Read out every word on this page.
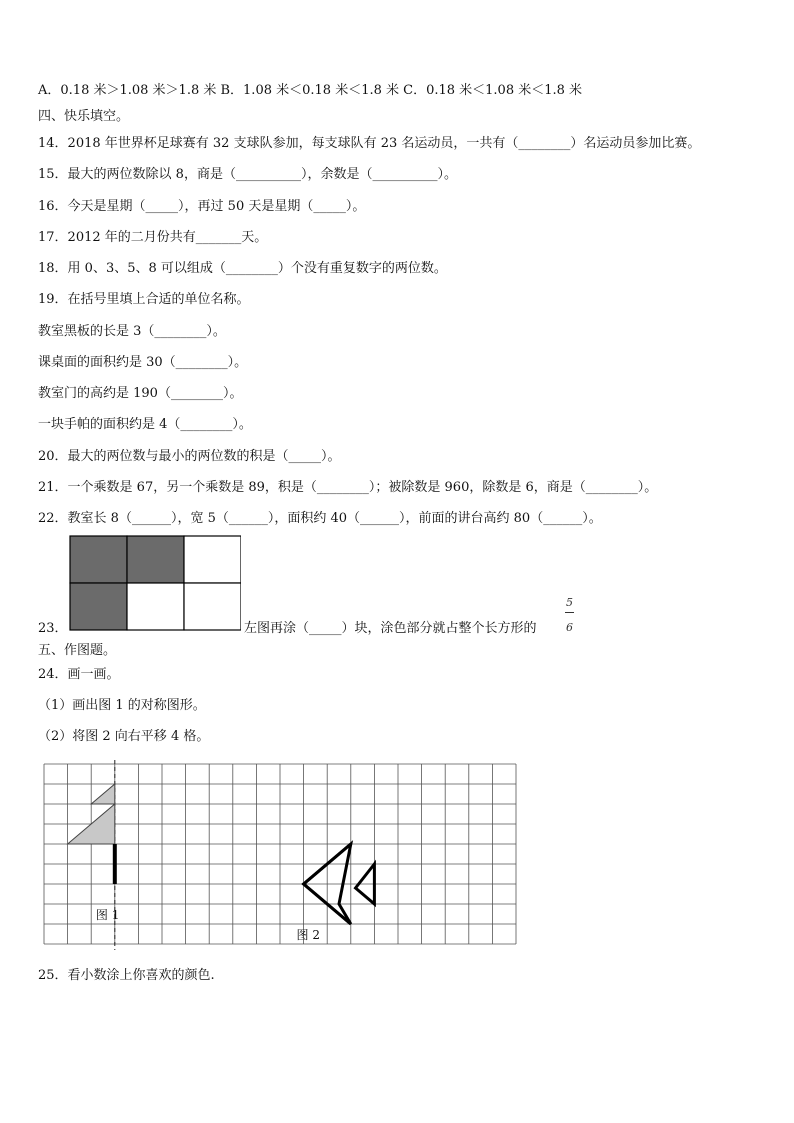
A．0.18 米＞1.08 米＞1.8 米 B．1.08 米＜0.18 米＜1.8 米 C．0.18 米＜1.08 米＜1.8 米
四、快乐填空。
14．2018 年世界杯足球赛有 32 支球队参加，每支球队有 23 名运动员，一共有（________）名运动员参加比赛。
15．最大的两位数除以 8，商是（__________），余数是（__________）。
16．今天是星期（_____），再过 50 天是星期（_____）。
17．2012 年的二月份共有_______天。
18．用 0、3、5、8 可以组成（________）个没有重复数字的两位数。
19．在括号里填上合适的单位名称。
教室黑板的长是 3（________）。
课桌面的面积约是 30（________）。
教室门的高约是 190（________）。
一块手帕的面积约是 4（________）。
20．最大的两位数与最小的两位数的积是（_____）。
21．一个乘数是 67，另一个乘数是 89，积是（________）；被除数是 960，除数是 6，商是（________）。
22．教室长 8（______），宽 5（______），面积约 40（______），前面的讲台高约 80（______）。
23．	左图再涂（_____）块，涂色部分就占整个长方形的
5
6
五、作图题。
24．画一画。
（1）画出图 1 的对称图形。
（2）将图 2 向右平移 4 格。
图 1
图 2
25．看小数涂上你喜欢的颜色.
